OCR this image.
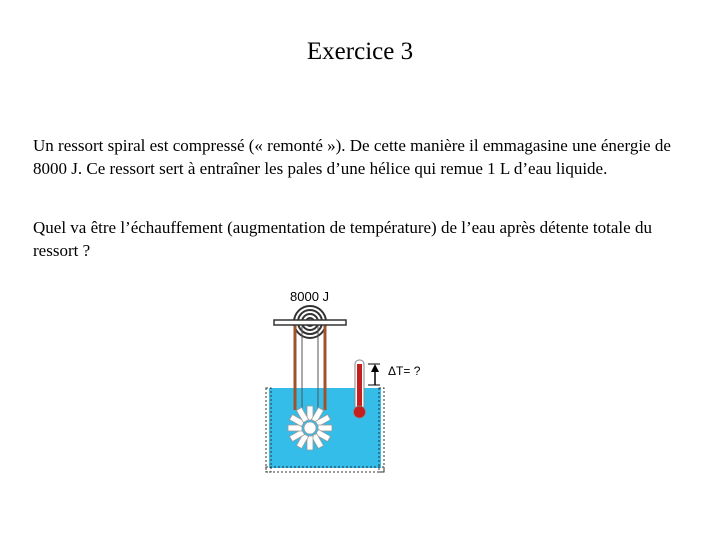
Exercice 3

Un ressort spiral est compressé (« remonté »). De cette manière il emmagasine une énergie de 8000 J. Ce ressort sert à entraîner les pales d’une hélice qui remue 1 L d’eau liquide.

Quel va être l’échauffement (augmentation de température) de l’eau après détente totale du ressort ?

8000 J
ΔT= ?
